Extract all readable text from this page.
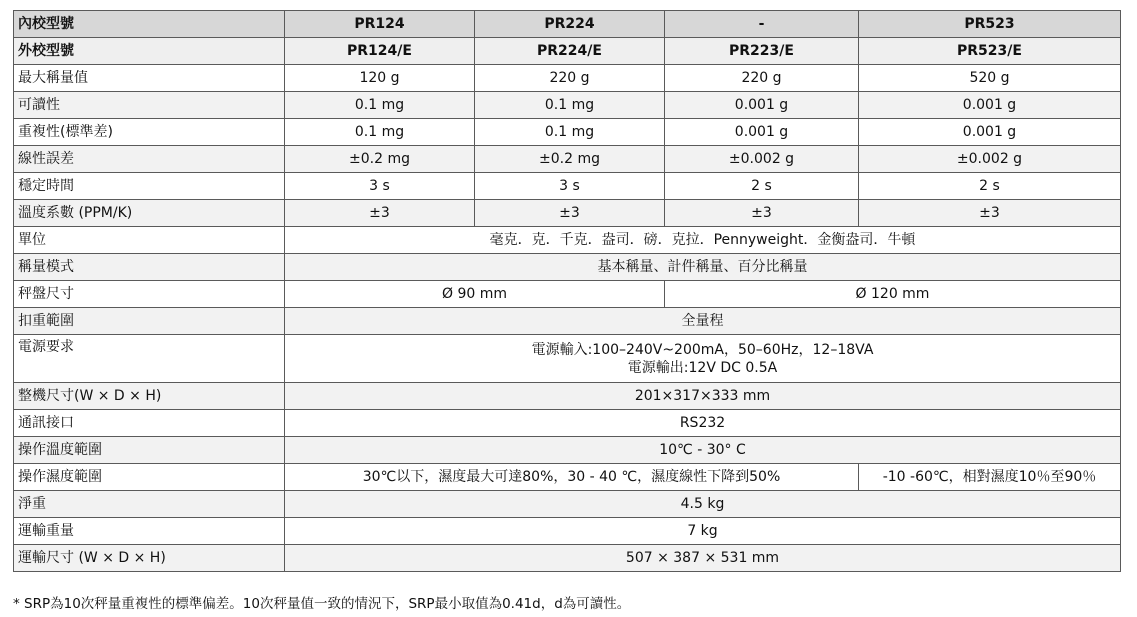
內校型號	PR124	PR224	-	PR523
外校型號	PR124/E	PR224/E	PR223/E	PR523/E
最大稱量值	120 g	220 g	220 g	520 g
可讀性	0.1 mg	0.1 mg	0.001 g	0.001 g
重複性(標準差)	0.1 mg	0.1 mg	0.001 g	0.001 g
線性誤差	±0.2 mg	±0.2 mg	±0.002 g	±0.002 g
穩定時間	3 s	3 s	2 s	2 s
溫度系數 (PPM/K)	±3	±3	±3	±3
單位	毫克．克．千克．盎司．磅．克拉．Pennyweight．金衡盎司．牛頓			
稱量模式	基本稱量、計件稱量、百分比稱量			
秤盤尺寸	Ø 90 mm		Ø 120 mm	
扣重範圍	全量程			
電源要求	電源輸入:100–240V~200mA，50–60Hz，12–18VA
電源輸出:12V DC 0.5A			

整機尺寸(W × D × H)	201×317×333 mm			
通訊接口	RS232			
操作溫度範圍	10℃ - 30° C			
操作濕度範圍	30℃以下，濕度最大可達80%，30 - 40 ℃，濕度線性下降到50%			-10 -60℃，相對濕度10％至90％
淨重	4.5 kg			
運輸重量	7 kg			
運輸尺寸 (W × D × H)	507 × 387 × 531 mm			
* SRP為10次秤量重複性的標準偏差。10次秤量值一致的情況下，SRP最小取值為0.41d，d為可讀性。
